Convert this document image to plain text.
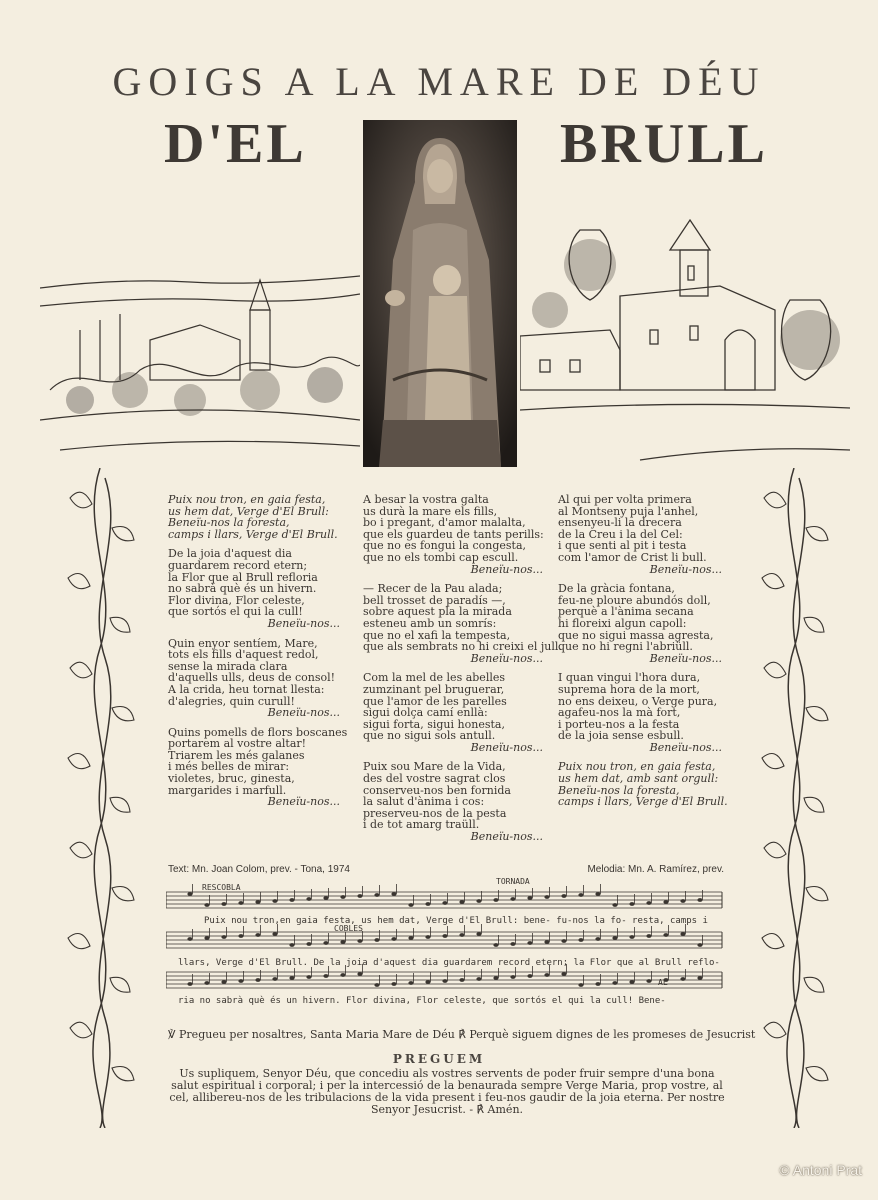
GOIGS A LA MARE DE DÉU
D'EL	BRULL
Puix nou tron, en gaia festa,
us hem dat, Verge d'El Brull:
Beneïu-nos la foresta,
camps i llars, Verge d'El Brull.
De la joia d'aquest dia
guardarem record etern;
la Flor que al Brull refloria
no sabrà què és un hivern.
Flor divina, Flor celeste,
que sortós el qui la cull!
Beneïu-nos...
Quin enyor sentíem, Mare,
tots els fills d'aquest redol,
sense la mirada clara
d'aquells ulls, deus de consol!
A la crida, heu tornat llesta:
d'alegries, quin curull!
Beneïu-nos...
Quins pomells de flors boscanes
portarem al vostre altar!
Triarem les més galanes
i més belles de mirar:
violetes, bruc, ginesta,
margarides i marfull.
Beneïu-nos...
A besar la vostra galta
us durà la mare els fills,
bo i pregant, d'amor malalta,
que els guardeu de tants perills:
que no es fongui la congesta,
que no els tombi cap escull.
Beneïu-nos...
— Recer de la Pau alada;
bell trosset de paradís —,
sobre aquest pla la mirada
esteneu amb un somrís:
que no el xafi la tempesta,
que als sembrats no hi creixi el jull.
Beneïu-nos...
Com la mel de les abelles
zumzinant pel bruguerar,
que l'amor de les parelles
sigui dolça camí enllà:
sigui forta, sigui honesta,
que no sigui sols antull.
Beneïu-nos...
Puix sou Mare de la Vida,
des del vostre sagrat clos
conserveu-nos ben fornida
la salut d'ànima i cos:
preserveu-nos de la pesta
i de tot amarg traüll.
Beneïu-nos...
Al qui per volta primera
al Montseny puja l'anhel,
ensenyeu-li la drecera
de la Creu i la del Cel:
i que senti al pit i testa
com l'amor de Crist li bull.
Beneïu-nos...
De la gràcia fontana,
feu-ne ploure abundós doll,
perquè a l'ànima secana
hi floreixi algun capoll:
que no sigui massa agresta,
que no hi regni l'abriüll.
Beneïu-nos...
I quan vingui l'hora dura,
suprema hora de la mort,
no ens deixeu, o Verge pura,
agafeu-nos la mà fort,
i porteu-nos a la festa
de la joia sense esbull.
Beneïu-nos...
Puix nou tron, en gaia festa,
us hem dat, amb sant orgull:
Beneïu-nos la foresta,
camps i llars, Verge d'El Brull.
Text: Mn. Joan Colom, prev. - Tona, 1974	Melodia: Mn. A. Ramírez, prev.
RESCOBLA
TORNADA
COBLES
AL
Puix nou tron,en gaia festa, us hem dat, Verge d'El Brull: bene- fu-nos la fo- resta, camps i
llars, Verge d'El Brull. De la joia d'aquest dia guardarem record etern; la Flor que al Brull reflo-
ria no sabrà què és un hivern. Flor divina, Flor celeste, que sortós el qui la cull! Bene-
℣ Pregueu per nosaltres, Santa Maria Mare de Déu ℟ Perquè siguem dignes de les promeses de Jesucrist
PREGUEM
Us supliquem, Senyor Déu, que concediu als vostres servents de poder fruir sempre d'una bona salut espiritual i corporal; i per la intercessió de la benaurada sempre Verge Maria, prop vostre, al cel, allibereu-nos de les tribulacions de la vida present i feu-nos gaudir de la joia eterna. Per nostre Senyor Jesucrist. - ℟ Amén.
© Antoni Prat
